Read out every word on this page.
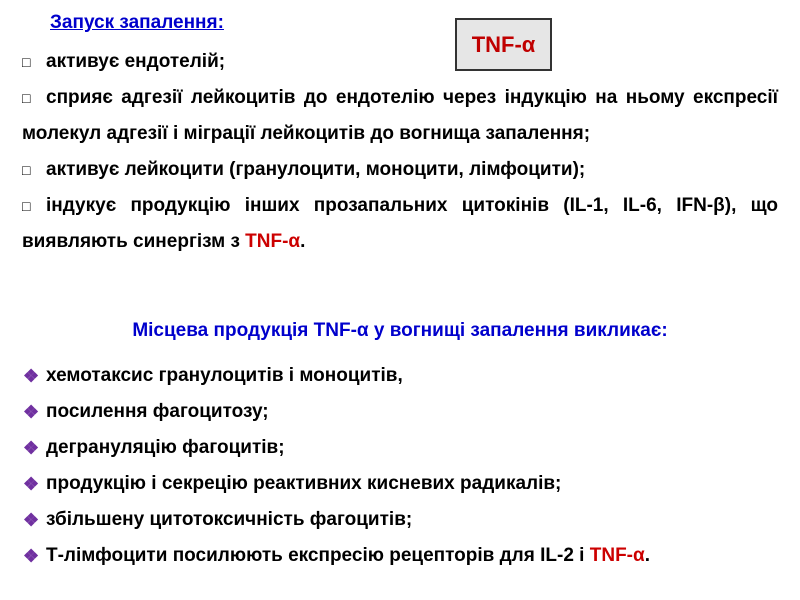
TNF- α
Запуск запалення:
□ активує ендотелій;
□ сприяє адгезії лейкоцитів до ендотелію через індукцію на ньому експресії молекул адгезії і міграції лейкоцитів до вогнища запалення;
□ активує лейкоцити (гранулоцити, моноцити, лімфоцити);
□ індукує продукцію інших прозапальних цитокінів (IL-1, IL-6, IFN-β), що виявляють синергізм з TNF-α.
Місцева продукція TNF-α у вогнищі запалення викликає:
❖ хемотаксис гранулоцитів і моноцитів,
❖ посилення фагоцитозу;
❖ дегрануляцію фагоцитів;
❖ продукцію і секрецію реактивних кисневих радикалів;
❖ збільшену цитотоксичність фагоцитів;
❖ Т-лімфоцити посилюють експресію рецепторів для IL-2 і TNF-α.
